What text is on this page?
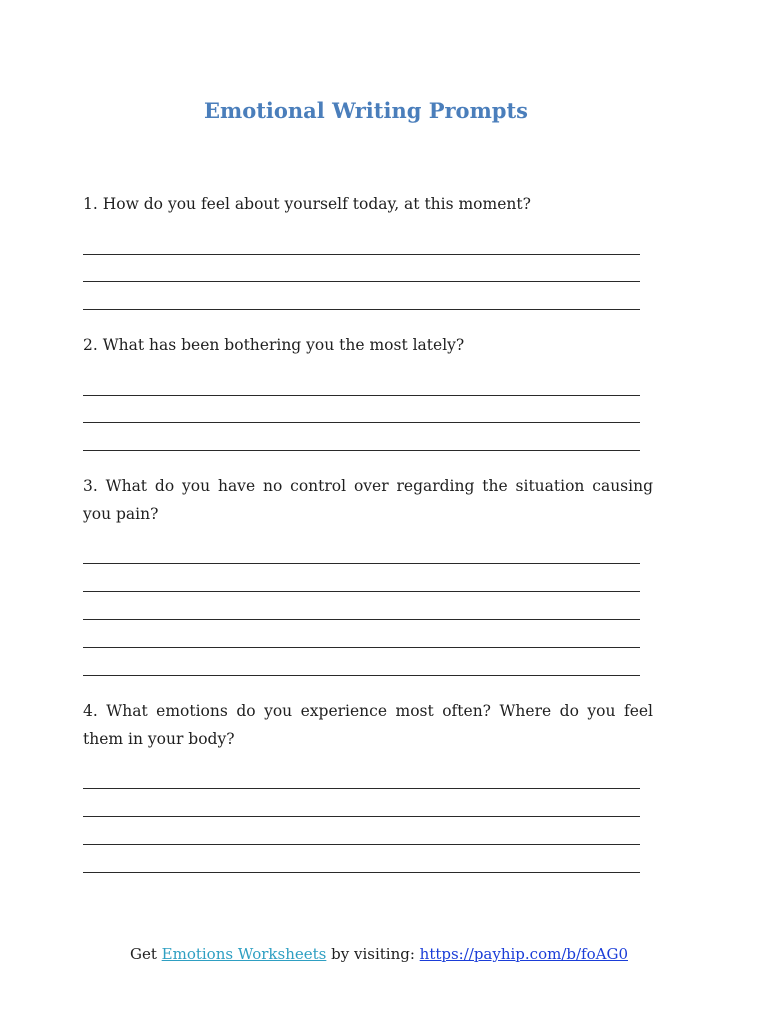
Emotional Writing Prompts
1. How do you feel about yourself today, at this moment?
2. What has been bothering you the most lately?
3. What do you have no control over regarding the situation causing you pain?
4. What emotions do you experience most often? Where do you feel them in your body?
Get Emotions Worksheets by visiting: https://payhip.com/b/foAG0
